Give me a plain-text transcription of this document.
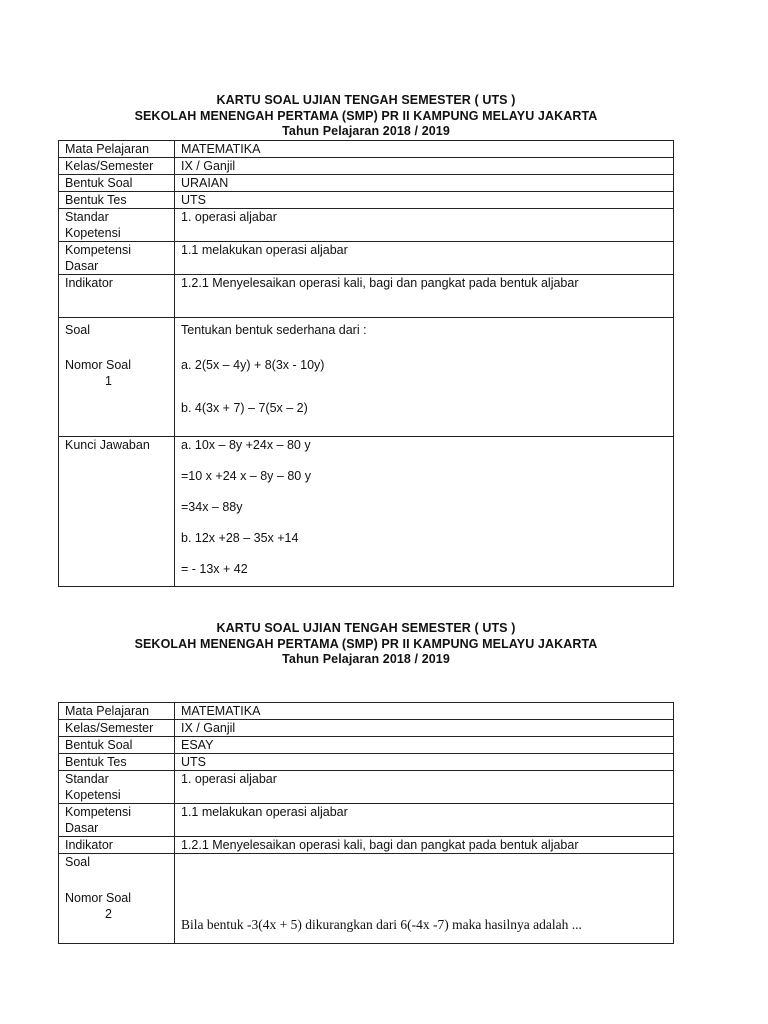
KARTU SOAL UJIAN TENGAH SEMESTER ( UTS )
SEKOLAH MENENGAH PERTAMA (SMP) PR II KAMPUNG MELAYU JAKARTA
Tahun Pelajaran 2018 / 2019
Mata Pelajaran	MATEMATIKA
Kelas/Semester	IX / Ganjil
Bentuk Soal	URAIAN
Bentuk Tes	UTS

Standar
Kopetensi	1. operasi aljabar

Kompetensi
Dasar	1.1 melakukan operasi aljabar
Indikator	1.2.1 Menyelesaikan operasi kali, bagi dan pangkat pada bentuk aljabar

Soal
Nomor Soal
1	Tentukan bentuk sederhana dari :
a. 2(5x – 4y) + 8(3x - 10y)
b. 4(3x + 7) – 7(5x – 2)

Kunci Jawaban	a. 10x – 8y +24x – 80 y
=10 x +24 x – 8y – 80 y
=34x – 88y
b. 12x +28 – 35x +14
= - 13x + 42
KARTU SOAL UJIAN TENGAH SEMESTER ( UTS )
SEKOLAH MENENGAH PERTAMA (SMP) PR II KAMPUNG MELAYU JAKARTA
Tahun Pelajaran 2018 / 2019
Mata Pelajaran	MATEMATIKA
Kelas/Semester	IX / Ganjil
Bentuk Soal	ESAY
Bentuk Tes	UTS

Standar
Kopetensi	1. operasi aljabar

Kompetensi
Dasar	1.1 melakukan operasi aljabar
Indikator	1.2.1 Menyelesaikan operasi kali, bagi dan pangkat pada bentuk aljabar

Soal
Nomor Soal
2	Bila bentuk -3(4x + 5) dikurangkan dari 6(-4x -7) maka hasilnya adalah ...
